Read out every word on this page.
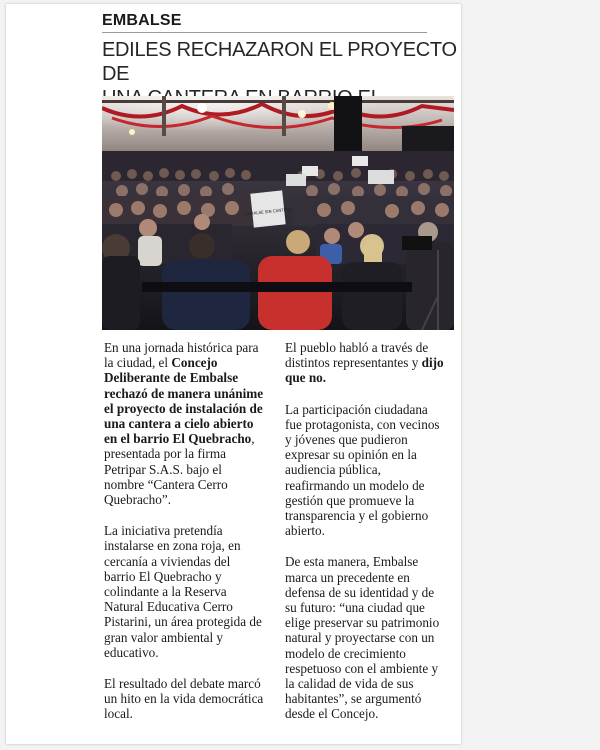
EMBALSE
EDILES RECHAZARON EL PROYECTO DE

EMBALSE SIN CANTERA

En una jornada histórica para la ciudad, el Concejo Deliberante de Embalse rechazó de manera unánime el proyecto de instalación de una cantera a cielo abierto en el barrio El Quebracho, presentada por la firma Petripar S.A.S. bajo el nombre “Cantera Cerro Quebracho”.

La iniciativa pretendía instalarse en zona roja, en cercanía a viviendas del barrio El Quebracho y colindante a la Reserva Natural Educativa Cerro Pistarini, un área protegida de gran valor ambiental y educativo.

El resultado del debate marcó un hito en la vida democrática local.

El pueblo habló a través de distintos representantes y dijo que no.

La participación ciudadana fue protagonista, con vecinos y jóvenes que pudieron expresar su opinión en la audiencia pública, reafirmando un modelo de gestión que promueve la transparencia y el gobierno abierto.

De esta manera, Embalse marca un precedente en defensa de su identidad y de su futuro: “una ciudad que elige preservar su patrimonio natural y proyectarse con un modelo de crecimiento respetuoso con el ambiente y la calidad de vida de sus habitantes”, se argumentó desde el Concejo.
